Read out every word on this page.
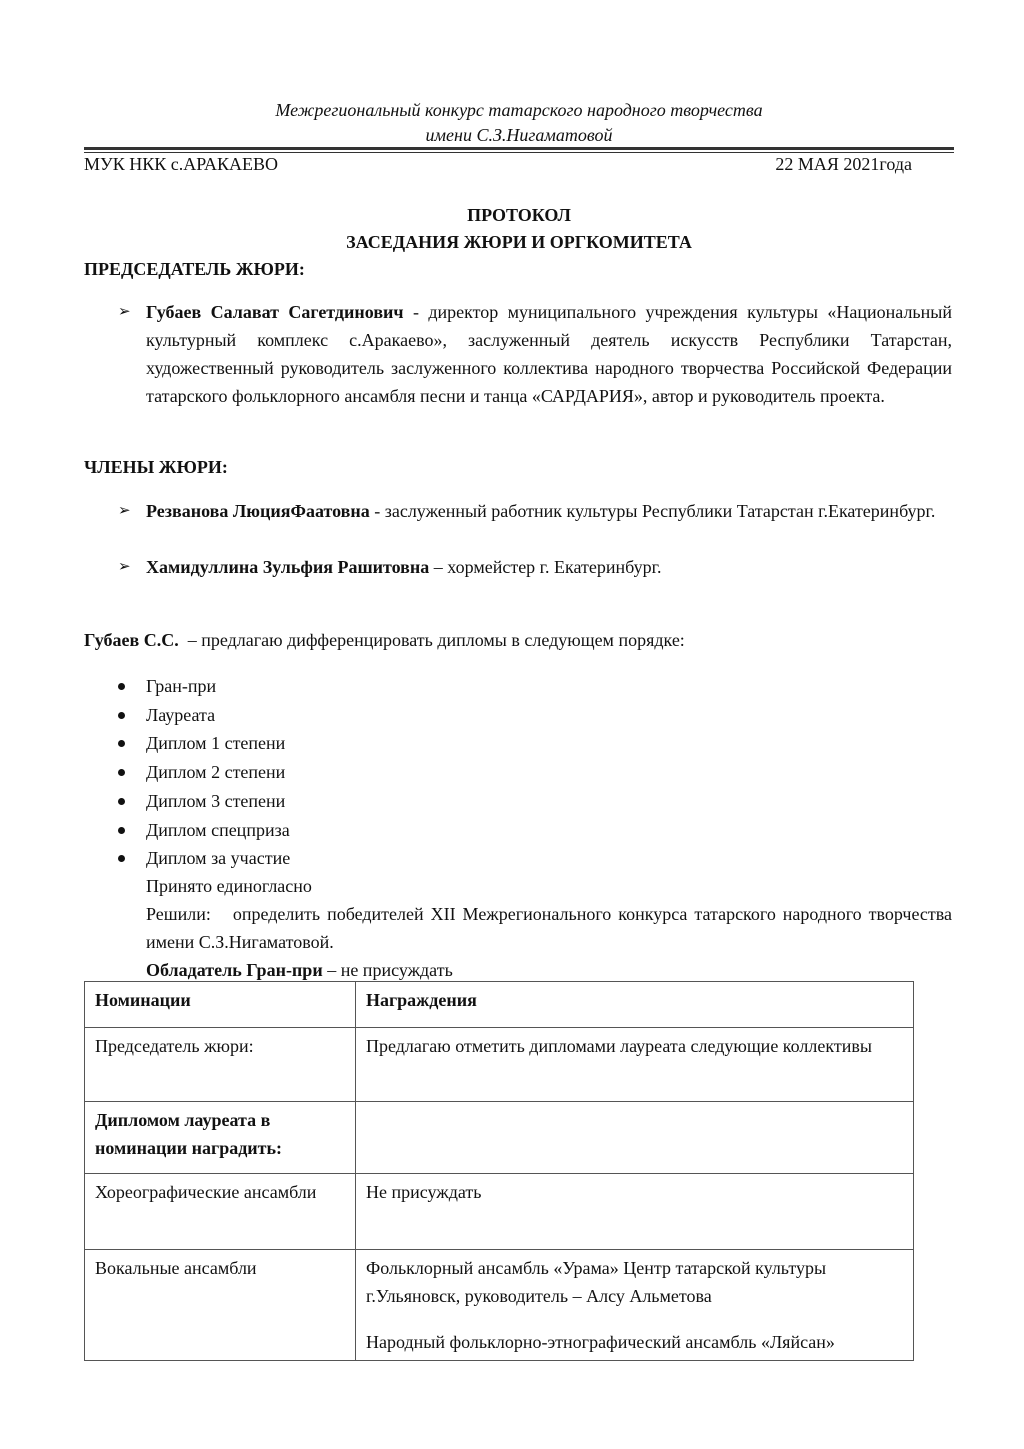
Межрегиональный конкурс татарского народного творчества
имени С.З.Нигаматовой
МУК НКК с.АРАКАЕВО	22 МАЯ 2021года
ПРОТОКОЛ
ЗАСЕДАНИЯ ЖЮРИ И ОРГКОМИТЕТА
ПРЕДСЕДАТЕЛЬ ЖЮРИ:
➢ Губаев Салават Сагетдинович - директор муниципального учреждения культуры «Национальный культурный комплекс с.Аракаево», заслуженный деятель искусств Республики Татарстан, художественный руководитель заслуженного коллектива народного творчества Российской Федерации татарского фольклорного ансамбля песни и танца «САРДАРИЯ», автор и руководитель проекта.
ЧЛЕНЫ ЖЮРИ:
➢ Резванова ЛюцияФаатовна - заслуженный работник культуры Республики Татарстан г.Екатеринбург.
➢ Хамидуллина Зульфия Рашитовна – хормейстер г. Екатеринбург.
Губаев С.С.  – предлагаю дифференцировать дипломы в следующем порядке:
Гран-при
Лауреата
Диплом 1 степени
Диплом 2 степени
Диплом 3 степени
Диплом спецприза
Диплом за участие
Принято единогласно
Решили: определить победителей XII Межрегионального конкурса татарского народного творчества имени С.З.Нигаматовой.
Обладатель Гран-при – не присуждать
Номинации	Награждения
Председатель жюри:	Предлагаю отметить дипломами лауреата следующие коллективы

Дипломом лауреата в номинации наградить:	
Хореографические ансамбли	Не присуждать

Вокальные ансамбли	Фольклорный ансамбль «Урама» Центр татарской культуры г.Ульяновск, руководитель – Алсу Альметова

Народный фольклорно-этнографический ансамбль «Ляйсан»
